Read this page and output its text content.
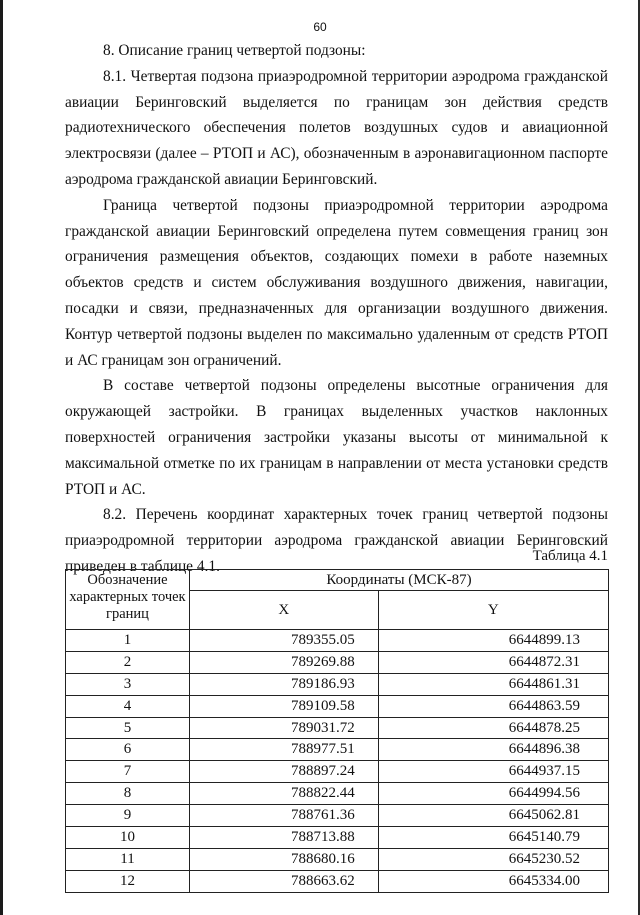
60

8. Описание границ четвертой подзоны:

8.1. Четвертая подзона приаэродромной территории аэродрома гражданской авиации Беринговский выделяется по границам зон действия средств радиотехнического обеспечения полетов воздушных судов и авиационной электросвязи (далее – РТОП и АС), обозначенным в аэронавигационном паспорте аэродрома гражданской авиации Беринговский.

Граница четвертой подзоны приаэродромной территории аэродрома гражданской авиации Беринговский определена путем совмещения границ зон ограничения размещения объектов, создающих помехи в работе наземных объектов средств и систем обслуживания воздушного движения, навигации, посадки и связи, предназначенных для организации воздушного движения. Контур четвертой подзоны выделен по максимально удаленным от средств РТОП и АС границам зон ограничений.

В составе четвертой подзоны определены высотные ограничения для окружающей застройки. В границах выделенных участков наклонных поверхностей ограничения застройки указаны высоты от минимальной к максимальной отметке по их границам в направлении от места установки средств РТОП и АС.

8.2. Перечень координат характерных точек границ четвертой подзоны приаэродромной территории аэродрома гражданской авиации Беринговский приведен в таблице 4.1.

Таблица 4.1
Обозначение характерных точек границ	Координаты (МСК-87)	
	X	Y
1	789355.05	6644899.13
2	789269.88	6644872.31
3	789186.93	6644861.31
4	789109.58	6644863.59
5	789031.72	6644878.25
6	788977.51	6644896.38
7	788897.24	6644937.15
8	788822.44	6644994.56
9	788761.36	6645062.81
10	788713.88	6645140.79
11	788680.16	6645230.52
12	788663.62	6645334.00
